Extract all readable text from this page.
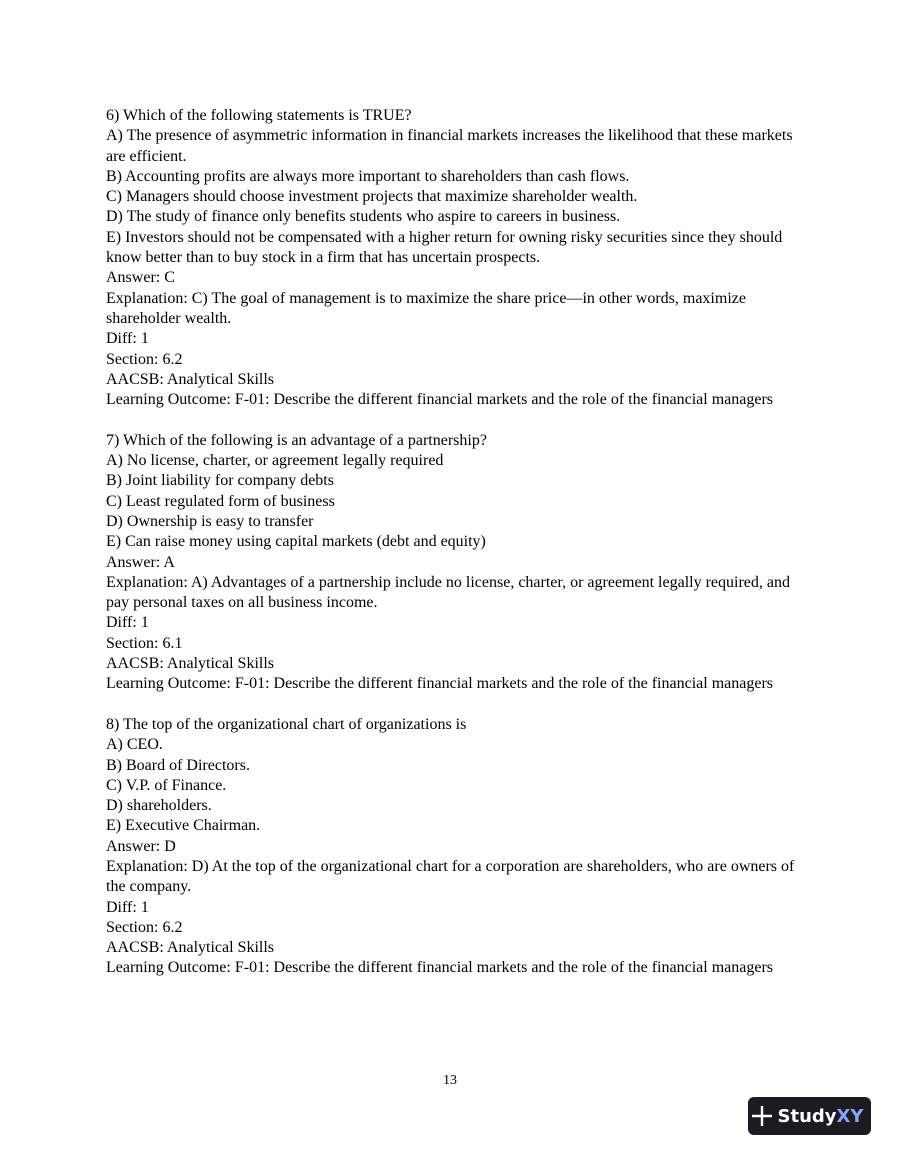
6) Which of the following statements is TRUE?

A) The presence of asymmetric information in financial markets increases the likelihood that these markets are efficient.

B) Accounting profits are always more important to shareholders than cash flows.

C) Managers should choose investment projects that maximize shareholder wealth.

D) The study of finance only benefits students who aspire to careers in business.

E) Investors should not be compensated with a higher return for owning risky securities since they should know better than to buy stock in a firm that has uncertain prospects.

Answer: C

Explanation: C) The goal of management is to maximize the share price—in other words, maximize shareholder wealth.

Diff: 1

Section: 6.2

AACSB: Analytical Skills

Learning Outcome: F-01: Describe the different financial markets and the role of the financial managers

7) Which of the following is an advantage of a partnership?

A) No license, charter, or agreement legally required

B) Joint liability for company debts

C) Least regulated form of business

D) Ownership is easy to transfer

E) Can raise money using capital markets (debt and equity)

Answer: A

Explanation: A) Advantages of a partnership include no license, charter, or agreement legally required, and pay personal taxes on all business income.

Diff: 1

Section: 6.1

AACSB: Analytical Skills

Learning Outcome: F-01: Describe the different financial markets and the role of the financial managers

8) The top of the organizational chart of organizations is

A) CEO.

B) Board of Directors.

C) V.P. of Finance.

D) shareholders.

E) Executive Chairman.

Answer: D

Explanation: D) At the top of the organizational chart for a corporation are shareholders, who are owners of the company.

Diff: 1

Section: 6.2

AACSB: Analytical Skills

Learning Outcome: F-01: Describe the different financial markets and the role of the financial managers

13
Study XY
